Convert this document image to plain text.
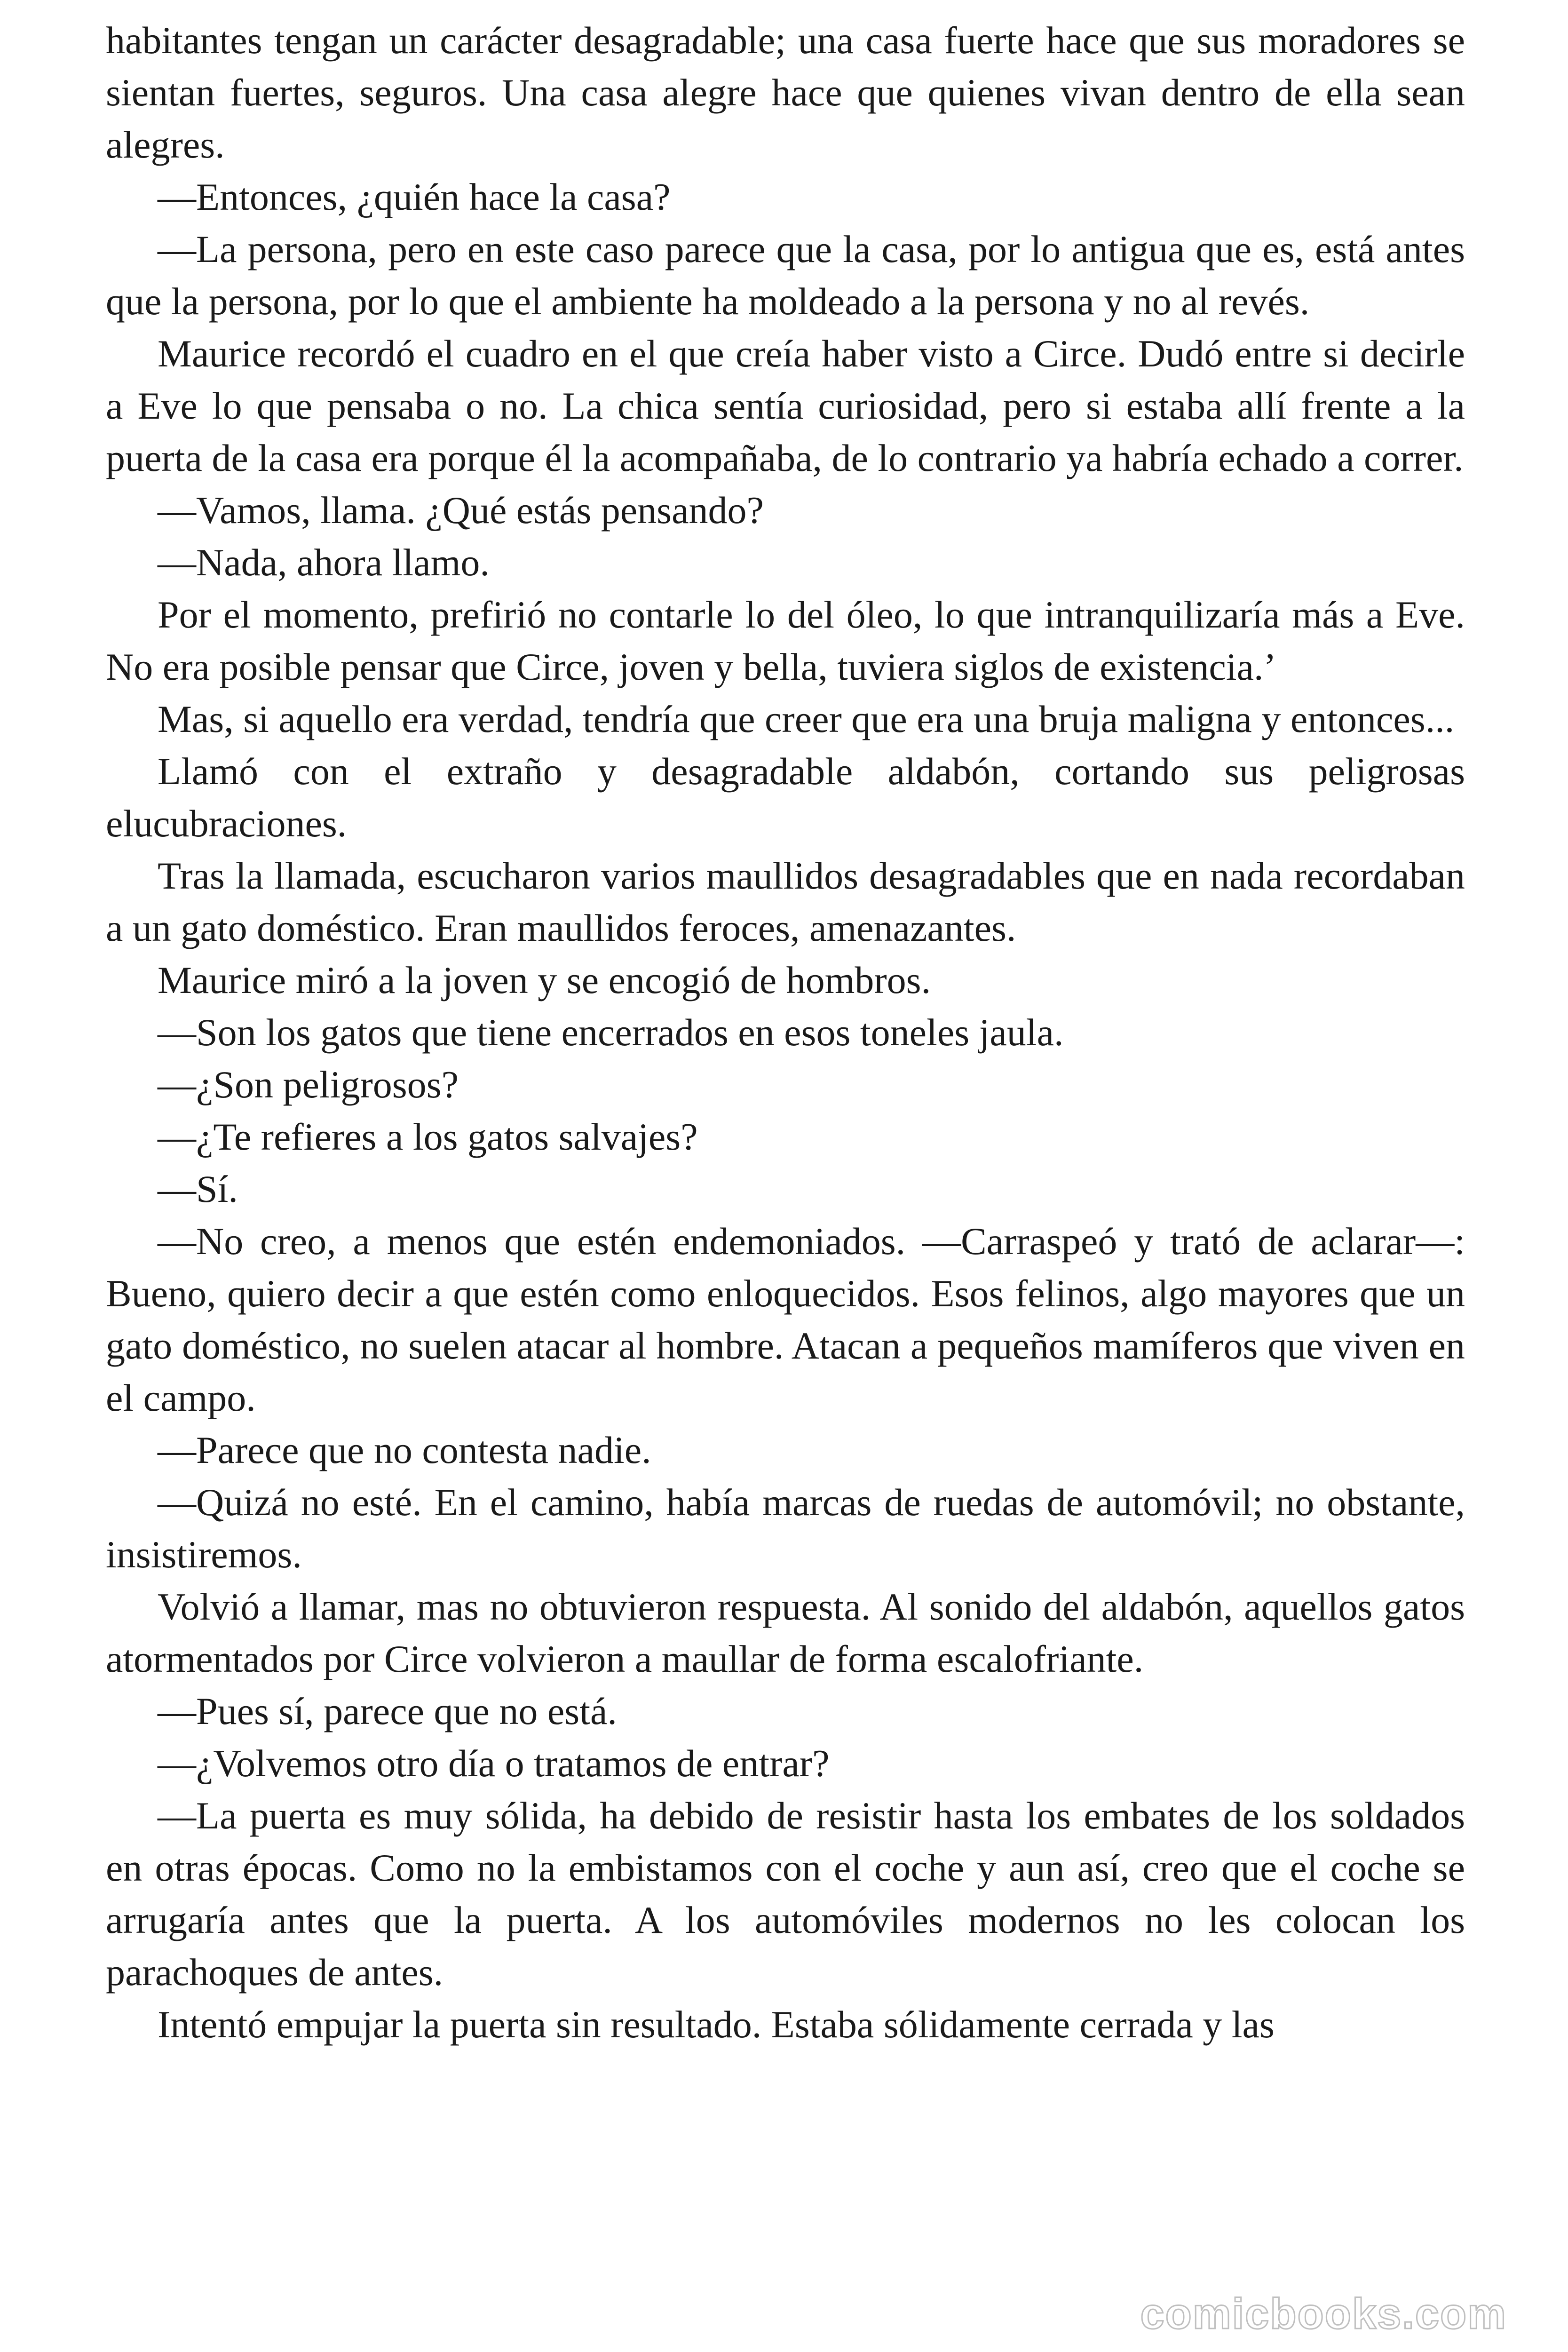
habitantes tengan un carácter desagradable; una casa fuerte hace que sus moradores se sientan fuertes, seguros. Una casa alegre hace que quienes vivan dentro de ella sean alegres.

—Entonces, ¿quién hace la casa?

—La persona, pero en este caso parece que la casa, por lo antigua que es, está antes que la persona, por lo que el ambiente ha moldeado a la persona y no al revés.

Maurice recordó el cuadro en el que creía haber visto a Circe. Dudó entre si decirle a Eve lo que pensaba o no. La chica sentía curiosidad, pero si estaba allí frente a la puerta de la casa era porque él la acompañaba, de lo contrario ya habría echado a correr.

—Vamos, llama. ¿Qué estás pensando?

—Nada, ahora llamo.

Por el momento, prefirió no contarle lo del óleo, lo que intranquilizaría más a Eve. No era posible pensar que Circe, joven y bella, tuviera siglos de existencia.’

Mas, si aquello era verdad, tendría que creer que era una bruja maligna y entonces...

Llamó con el extraño y desagradable aldabón, cortando sus peligrosas elucubraciones.

Tras la llamada, escucharon varios maullidos desagradables que en nada recordaban a un gato doméstico. Eran maullidos feroces, amenazantes.

Maurice miró a la joven y se encogió de hombros.

—Son los gatos que tiene encerrados en esos toneles jaula.

—¿Son peligrosos?

—¿Te refieres a los gatos salvajes?

—Sí.

—No creo, a menos que estén endemoniados. —Carraspeó y trató de aclarar—: Bueno, quiero decir a que estén como enloquecidos. Esos felinos, algo mayores que un gato doméstico, no suelen atacar al hombre. Atacan a pequeños mamíferos que viven en el campo.

—Parece que no contesta nadie.

—Quizá no esté. En el camino, había marcas de ruedas de automóvil; no obstante, insistiremos.

Volvió a llamar, mas no obtuvieron respuesta. Al sonido del aldabón, aquellos gatos atormentados por Circe volvieron a maullar de forma escalofriante.

—Pues sí, parece que no está.

—¿Volvemos otro día o tratamos de entrar?

—La puerta es muy sólida, ha debido de resistir hasta los embates de los soldados en otras épocas. Como no la embistamos con el coche y aun así, creo que el coche se arrugaría antes que la puerta. A los automóviles modernos no les colocan los parachoques de antes.

Intentó empujar la puerta sin resultado. Estaba sólidamente cerrada y las

comicbooks.com
